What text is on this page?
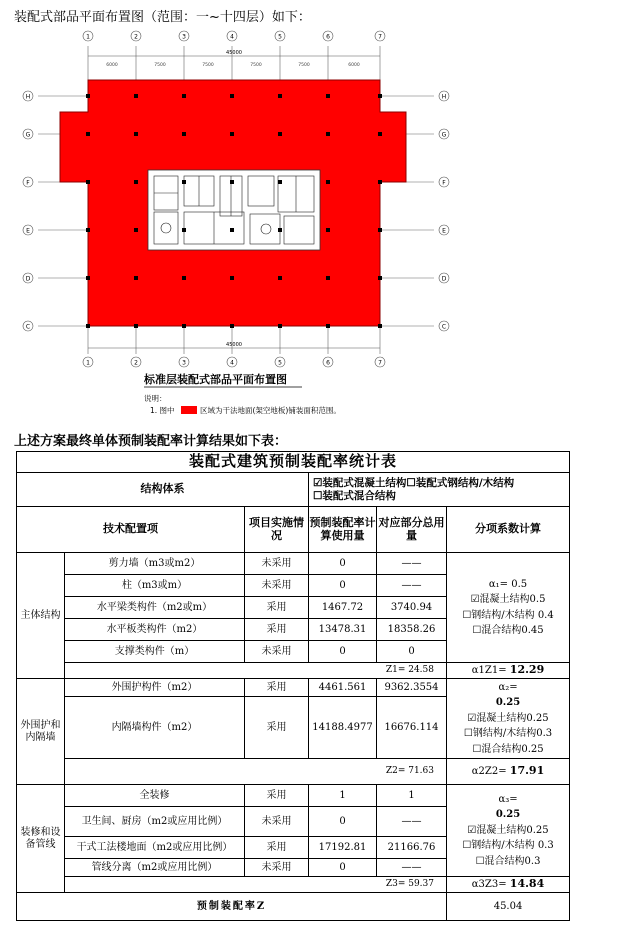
装配式部品平面布置图（范围：一~十四层）如下：
1
1
2
2
3
3
4
4
5
5
6
6
7
7
H	H
G	G
F	F
E	E
D	D
C	C
45000
45000
6000	7500	7500	7500	7500	6000
标准层装配式部品平面布置图
说明：
1. 图中	区域为干法地面(架空地板)铺装面积范围。
上述方案最终单体预制装配率计算结果如下表：
装配式建筑预制装配率统计表					
结构体系			☑装配式混凝土结构☐装配式钢结构/木结构
☐装配式混合结构		

技术配置项		项目实施情况	预制装配率计算使用量	对应部分总用量	分项系数计算
主体结构	剪力墙（m3或m2）	未采用	0	——	α₁= 0.5
☑混凝土结构0.5
☐钢结构/木结构 0.4
☐混合结构0.45

	柱（m3或m）	未采用	0	——	
	水平梁类构件（m2或m）	采用	1467.72	3740.94	
	水平板类构件（m2）	采用	13478.31	18358.26	
	支撑类构件（m）	未采用	0	0	
	Z1= 24.58				α1Z1= 12.29
外围护和内隔墙	外围护构件（m2）	采用	4461.561	9362.3554	α₂=
0.25
☑混凝土结构0.25
☐钢结构/木结构0.3
☐混合结构0.25

	内隔墙构件（m2）	采用	14188.4977	16676.114	
	Z2= 71.63				α2Z2= 17.91
装修和设备管线	全装修	采用	1	1	α₃=
0.25
☑混凝土结构0.25
☐钢结构/木结构 0.3
☐混合结构0.3

	卫生间、厨房（m2或应用比例）	未采用	0	——	
	干式工法楼地面（m2或应用比例）	采用	17192.81	21166.76	
	管线分离（m2或应用比例）	未采用	0	——	
	Z3= 59.37				α3Z3= 14.84
预制装配率Z					45.04
